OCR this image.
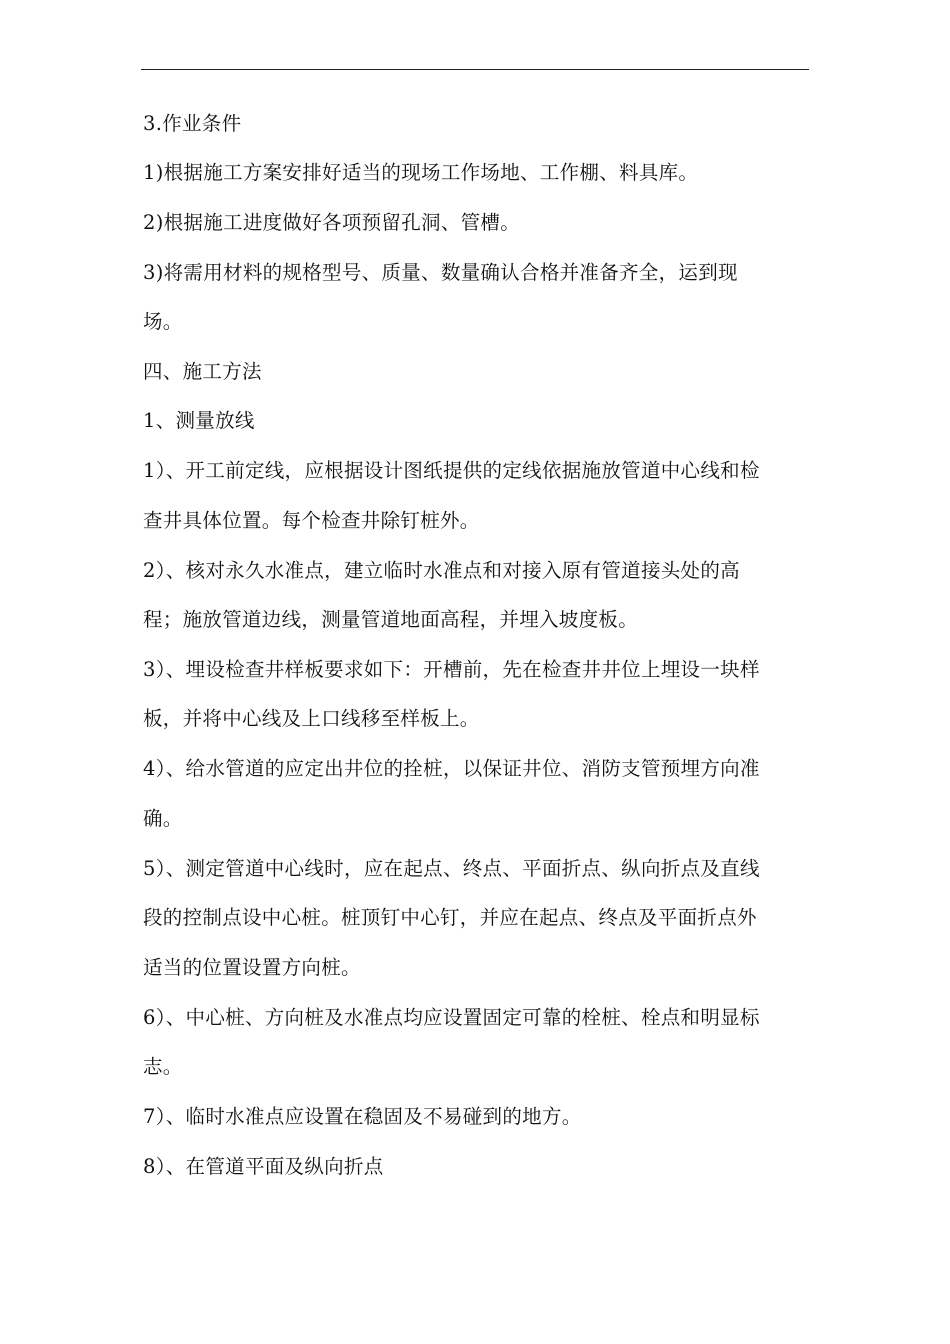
3.作业条件
1)根据施工方案安排好适当的现场工作场地、工作棚、料具库。
2)根据施工进度做好各项预留孔洞、管槽。
3)将需用材料的规格型号、质量、数量确认合格并准备齐全，运到现
场。
四、施工方法
1、测量放线
1）、开工前定线，应根据设计图纸提供的定线依据施放管道中心线和检
查井具体位置。每个检查井除钉桩外。
2）、核对永久水准点，建立临时水准点和对接入原有管道接头处的高
程；施放管道边线，测量管道地面高程，并埋入坡度板。
3）、埋设检查井样板要求如下：开槽前，先在检查井井位上埋设一块样
板，并将中心线及上口线移至样板上。
4）、给水管道的应定出井位的拴桩，以保证井位、消防支管预埋方向准
确。
5）、测定管道中心线时，应在起点、终点、平面折点、纵向折点及直线
段的控制点设中心桩。桩顶钉中心钉，并应在起点、终点及平面折点外
适当的位置设置方向桩。
6）、中心桩、方向桩及水准点均应设置固定可靠的栓桩、栓点和明显标
志。
7）、临时水准点应设置在稳固及不易碰到的地方。
8）、在管道平面及纵向折点
